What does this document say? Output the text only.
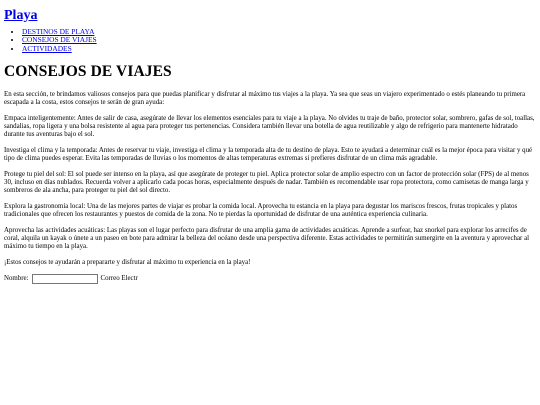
Playa
• DESTINOS DE PLAYA
• CONSEJOS DE VIAJES
• ACTIVIDADES
CONSEJOS DE VIAJES

En esta sección, te brindamos valiosos consejos para que puedas planificar y disfrutar al máximo tus viajes a la playa. Ya sea que seas un viajero experimentado o estés planeando tu primera escapada a la costa, estos consejos te serán de gran ayuda:

Empaca inteligentemente: Antes de salir de casa, asegúrate de llevar los elementos esenciales para tu viaje a la playa. No olvides tu traje de baño, protector solar, sombrero, gafas de sol, toallas, sandalias, ropa ligera y una bolsa resistente al agua para proteger tus pertenencias. Considera también llevar una botella de agua reutilizable y algo de refrigerio para mantenerte hidratado durante tus aventuras bajo el sol.

Investiga el clima y la temporada: Antes de reservar tu viaje, investiga el clima y la temporada alta de tu destino de playa. Esto te ayudará a determinar cuál es la mejor época para visitar y qué tipo de clima puedes esperar. Evita las temporadas de lluvias o los momentos de altas temperaturas extremas si prefieres disfrutar de un clima más agradable.

Protege tu piel del sol: El sol puede ser intenso en la playa, así que asegúrate de proteger tu piel. Aplica protector solar de amplio espectro con un factor de protección solar (FPS) de al menos 30, incluso en días nublados. Recuerda volver a aplicarlo cada pocas horas, especialmente después de nadar. También es recomendable usar ropa protectora, como camisetas de manga larga y sombreros de ala ancha, para proteger tu piel del sol directo.

Explora la gastronomía local: Una de las mejores partes de viajar es probar la comida local. Aprovecha tu estancia en la playa para degustar los mariscos frescos, frutas tropicales y platos tradicionales que ofrecen los restaurantes y puestos de comida de la zona. No te pierdas la oportunidad de disfrutar de una auténtica experiencia culinaria.

Aprovecha las actividades acuáticas: Las playas son el lugar perfecto para disfrutar de una amplia gama de actividades acuáticas. Aprende a surfear, haz snorkel para explorar los arrecifes de coral, alquila un kayak o únete a un paseo en bote para admirar la belleza del océano desde una perspectiva diferente. Estas actividades te permitirán sumergirte en la aventura y aprovechar al máximo tu tiempo en la playa.

¡Estos consejos te ayudarán a prepararte y disfrutar al máximo tu experiencia en la playa!

Nombre:	Correo Electr
